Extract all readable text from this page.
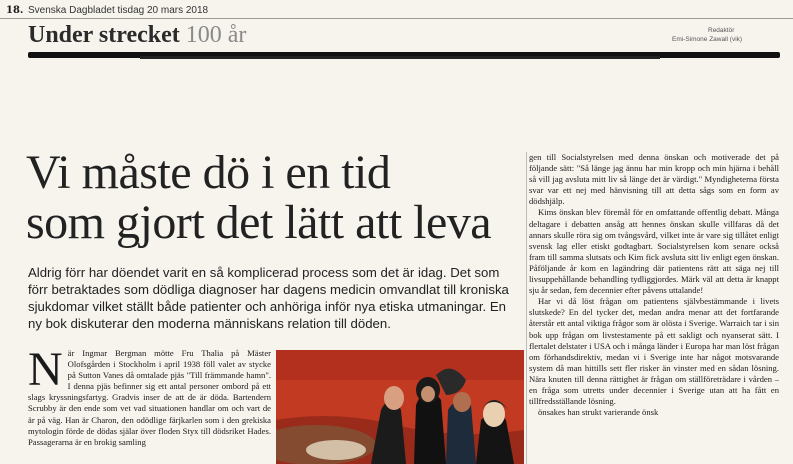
18. Svenska Dagbladet tisdag 20 mars 2018
Under strecket 100 år	Redaktör
Emi-Simone Zawall (vik)
Vi måste dö i en tid
som gjort det lätt att leva
Aldrig förr har döendet varit en så komplicerad process som det är idag. Det som förr betraktades som dödliga diagnoser har dagens medicin omvandlat till kroniska sjukdomar vilket ställt både patienter och anhöriga inför nya etiska utmaningar. En ny bok diskuterar den moderna människans relation till döden.
N är Ingmar Bergman mötte Fru Thalia på Mäster Olofsgården i Stockholm i april 1938 föll valet av stycke på Sutton Vanes då omtalade pjäs "Till främmande hamn". I denna pjäs befinner sig ett antal personer ombord på ett slags kryssningsfartyg. Gradvis inser de att de är döda. Bartendern Scrubby är den ende som vet vad situationen handlar om och vart de är på väg. Han är Charon, den odödlige färjkarlen som i den grekiska mytologin förde de dödas själar över floden Styx till dödsriket Hades. Passagerarna är en brokig samling

gen till Socialstyrelsen med denna önskan och motiverade det på följande sätt: "Så länge jag ännu har min kropp och min hjärna i behåll så vill jag avsluta mitt liv så länge det är värdigt." Myndigheterna första svar var ett nej med hänvisning till att detta sågs som en form av dödshjälp.

Kims önskan blev föremål för en omfattande offentlig debatt. Många deltagare i debatten ansåg att hennes önskan skulle villfaras då det annars skulle röra sig om tvångsvård, vilket inte är vare sig tillåtet enligt svensk lag eller etiskt godtagbart. Socialstyrelsen kom senare också fram till samma slutsats och Kim fick avsluta sitt liv enligt egen önskan. Påföljande år kom en lagändring där patientens rätt att säga nej till livsuppehållande behandling tydliggjordes. Märk väl att detta är knappt sju år sedan, fem decennier efter påvens uttalande!

Har vi då löst frågan om patientens självbestämmande i livets slutskede? En del tycker det, medan andra menar att det fortfarande återstår ett antal viktiga frågor som är olösta i Sverige. Warraich tar i sin bok upp frågan om livstestamente på ett sakligt och nyanserat sätt. I flertalet delstater i USA och i många länder i Europa har man löst frågan om förhandsdirektiv, medan vi i Sverige inte har något motsvarande system då man hittills sett fler risker än vinster med en sådan lösning. Nära knuten till denna rättighet är frågan om ställföreträdare i vården – en fråga som utretts under decennier i Sverige utan att ha fått en tillfredsställande lösning.

önsakes han strukt varierande önsk
